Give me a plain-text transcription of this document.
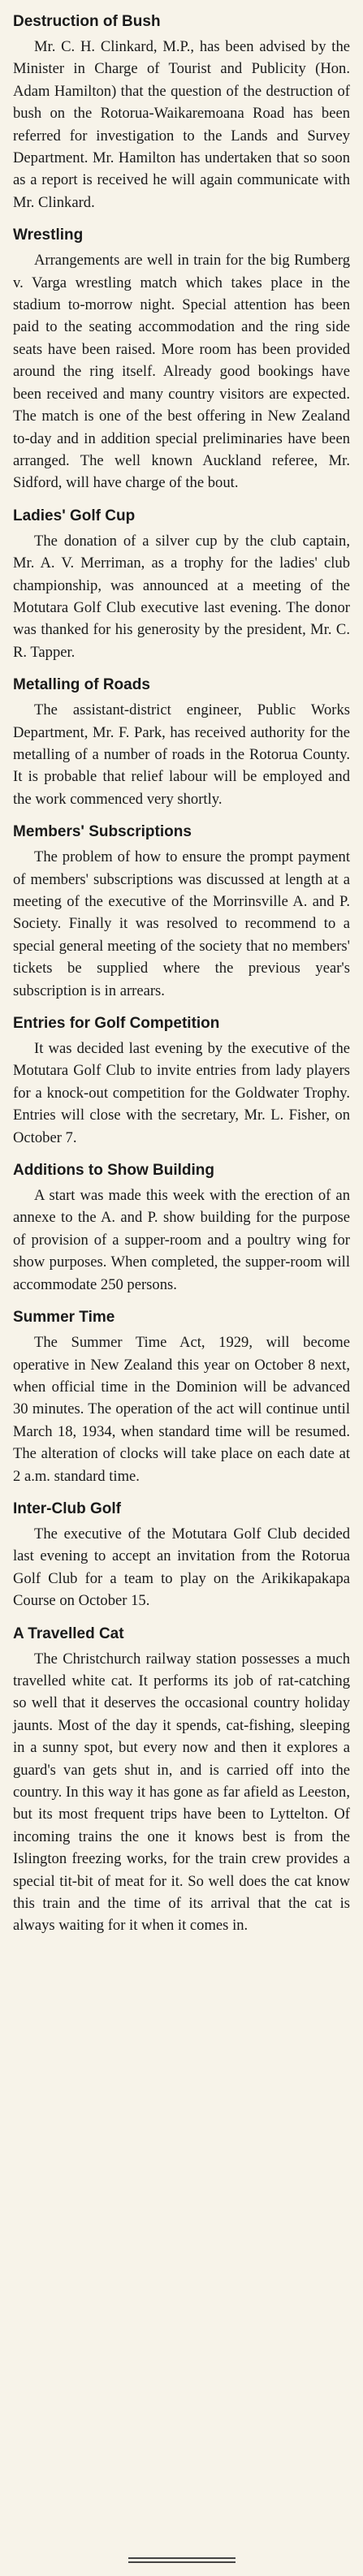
Destruction of Bush

Mr. C. H. Clinkard, M.P., has been advised by the Minister in Charge of Tourist and Publicity (Hon. Adam Hamilton) that the question of the destruction of bush on the Rotorua-Waikaremoana Road has been referred for investigation to the Lands and Survey Department. Mr. Hamilton has undertaken that so soon as a report is received he will again communicate with Mr. Clinkard.

Wrestling

Arrangements are well in train for the big Rumberg v. Varga wrestling match which takes place in the stadium to-morrow night. Special attention has been paid to the seating accommodation and the ring side seats have been raised. More room has been provided around the ring itself. Already good bookings have been received and many country visitors are expected. The match is one of the best offering in New Zealand to-day and in addition special preliminaries have been arranged. The well known Auckland referee, Mr. Sidford, will have charge of the bout.

Ladies' Golf Cup

The donation of a silver cup by the club captain, Mr. A. V. Merriman, as a trophy for the ladies' club championship, was announced at a meeting of the Motutara Golf Club executive last evening. The donor was thanked for his generosity by the president, Mr. C. R. Tapper.

Metalling of Roads

The assistant-district engineer, Public Works Department, Mr. F. Park, has received authority for the metalling of a number of roads in the Rotorua County. It is probable that relief labour will be employed and the work commenced very shortly.

Members' Subscriptions

The problem of how to ensure the prompt payment of members' subscriptions was discussed at length at a meeting of the executive of the Morrinsville A. and P. Society. Finally it was resolved to recommend to a special general meeting of the society that no members' tickets be supplied where the previous year's subscription is in arrears.

Entries for Golf Competition

It was decided last evening by the executive of the Motutara Golf Club to invite entries from lady players for a knock-out competition for the Goldwater Trophy. Entries will close with the secretary, Mr. L. Fisher, on October 7.

Additions to Show Building

A start was made this week with the erection of an annexe to the A. and P. show building for the purpose of provision of a supper-room and a poultry wing for show purposes. When completed, the supper-room will accommodate 250 persons.

Summer Time

The Summer Time Act, 1929, will become operative in New Zealand this year on October 8 next, when official time in the Dominion will be advanced 30 minutes. The operation of the act will continue until March 18, 1934, when standard time will be resumed. The alteration of clocks will take place on each date at 2 a.m. standard time.

Inter-Club Golf

The executive of the Motutara Golf Club decided last evening to accept an invitation from the Rotorua Golf Club for a team to play on the Arikikapakapa Course on October 15.

A Travelled Cat

The Christchurch railway station possesses a much travelled white cat. It performs its job of rat-catching so well that it deserves the occasional country holiday jaunts. Most of the day it spends, cat-fishing, sleeping in a sunny spot, but every now and then it explores a guard's van gets shut in, and is carried off into the country. In this way it has gone as far afield as Leeston, but its most frequent trips have been to Lyttelton. Of incoming trains the one it knows best is from the Islington freezing works, for the train crew provides a special tit-bit of meat for it. So well does the cat know this train and the time of its arrival that the cat is always waiting for it when it comes in.
